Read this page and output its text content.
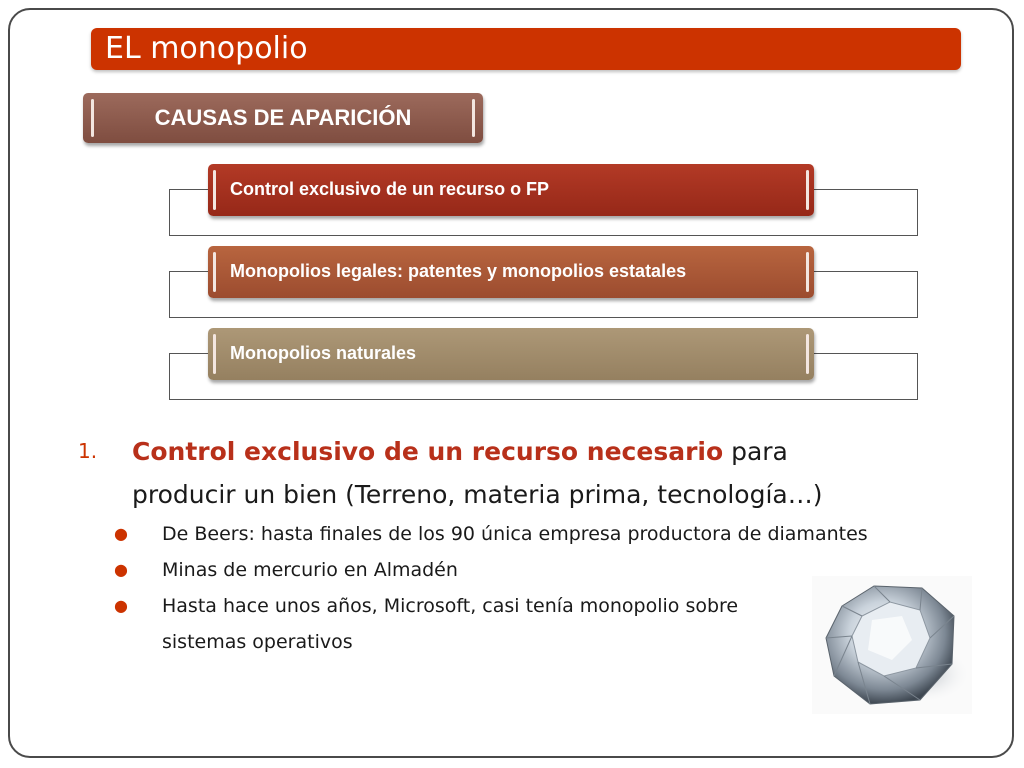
EL monopolio
CAUSAS DE APARICIÓN
Control exclusivo de un recurso o FP
Monopolios legales: patentes y monopolios estatales
Monopolios naturales
1. Control exclusivo de un recurso necesario para
producir un bien (Terreno, materia prima, tecnología…)
● De Beers: hasta finales de los 90 única empresa productora de diamantes
● Minas de mercurio en Almadén
● Hasta hace unos años, Microsoft, casi tenía monopolio sobre
sistemas operativos
